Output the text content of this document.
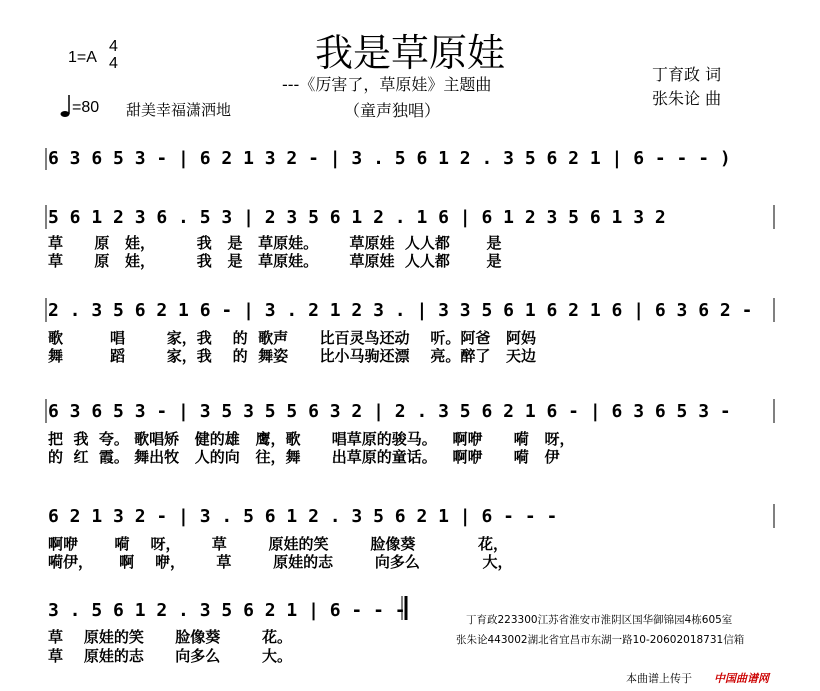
我是草原娃
---《厉害了，草原娃》主题曲
（童声独唱）
1=A
4
4
=80 甜美幸福潇洒地
丁育政 词
张朱论 曲
6 3 6 5 3 - | 6 2 1 3 2 - | 3 . 5 6 1 2 . 3 5 6 2 1 | 6 - - - )
5 6 1 2 3 6 . 5 3 | 2 3 5 6 1 2 . 1 6 | 6 1 2 3 5 6 1 3 2
草      原   娃，        我   是   草原娃。      草原娃  人人都       是
草      原   娃，        我   是   草原娃。      草原娃  人人都       是
2 . 3 5 6 2 1 6 - | 3 . 2 1 2 3 . | 3 3 5 6 1 6 2 1 6 | 6 3 6 2 -
歌         唱        家，我    的  歌声      比百灵鸟还动    听。阿爸   阿妈
舞         蹈        家，我    的  舞姿      比小马驹还漂    亮。醉了   天边
6 3 6 5 3 - | 3 5 3 5 5 6 3 2 | 2 . 3 5 6 2 1 6 - | 6 3 6 5 3 -
把  我  夸。 歌唱矫   健的雄   鹰，歌      唱草原的骏马。   啊咿      嗬   呀，
的  红  霞。 舞出牧   人的向   往，舞      出草原的童话。   啊咿      嗬   伊
6 2 1 3 2 - | 3 . 5 6 1 2 . 3 5 6 2 1 | 6 - - -
啊咿       嗬    呀，      草        原娃的笑        脸像葵            花，
嗬伊，     啊    咿，      草        原娃的志        向多么            大，
3 . 5 6 1 2 . 3 5 6 2 1 | 6 - - -
草    原娃的笑      脸像葵        花。
草    原娃的志      向多么        大。
丁育政223300江苏省淮安市淮阴区国华御锦园4栋605室
张朱论443002湖北省宜昌市东湖一路10-20602018731信箱
本曲谱上传于 中国曲谱网
